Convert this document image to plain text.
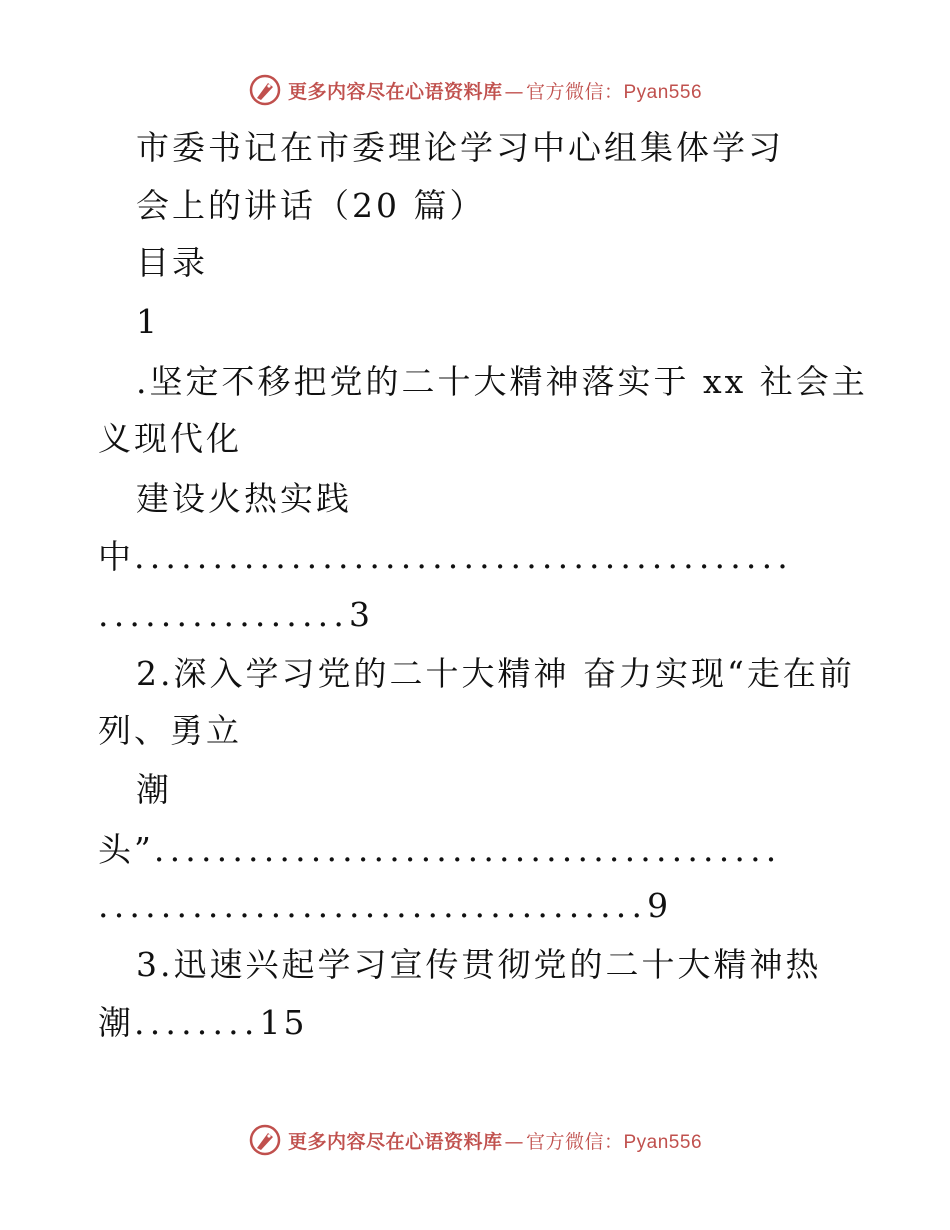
更多内容尽在心语资料库 — 官方微信：Pyan556
市委书记在市委理论学习中心组集体学习
会上的讲话（20 篇）
目录
1
.坚定不移把党的二十大精神落实于 xx 社会主
义现代化
建设火热实践
中..........................................
................3
2.深入学习党的二十大精神 奋力实现“走在前
列、勇立
潮
头”........................................
...................................9
3.迅速兴起学习宣传贯彻党的二十大精神热
潮........15
更多内容尽在心语资料库 — 官方微信：Pyan556
